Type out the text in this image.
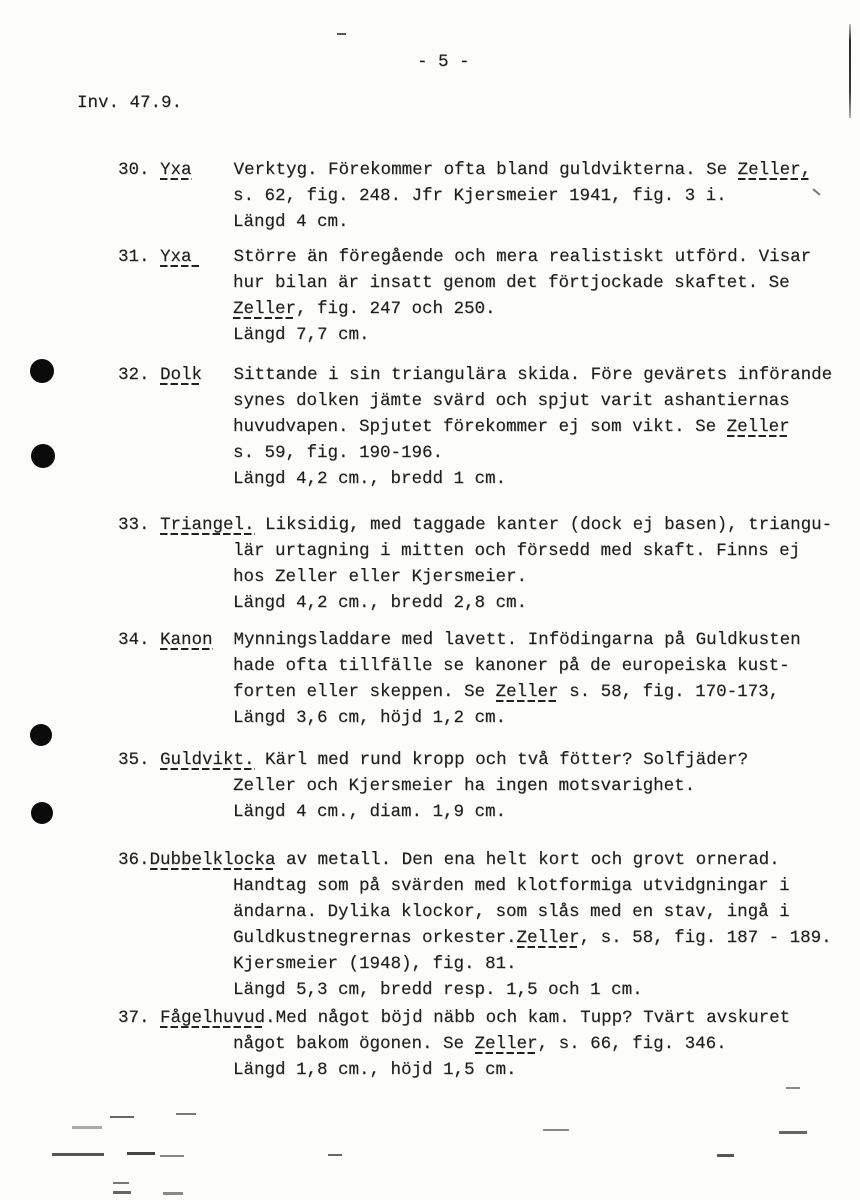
- 5 -
Inv. 47.9.
30. Yxa    Verktyg. Förekommer ofta bland guldvikterna. Se Zeller,
s. 62, fig. 248. Jfr Kjersmeier 1941, fig. 3 i.
Längd 4 cm.
31. Yxa    Större än föregående och mera realistiskt utförd. Visar
hur bilan är insatt genom det förtjockade skaftet. Se
Zeller, fig. 247 och 250.
Längd 7,7 cm.
32. Dolk   Sittande i sin triangulära skida. Före gevärets införande
synes dolken jämte svärd och spjut varit ashantiernas
huvudvapen. Spjutet förekommer ej som vikt. Se Zeller
s. 59, fig. 190-196.
Längd 4,2 cm., bredd 1 cm.
33. Triangel. Liksidig, med taggade kanter (dock ej basen), triangu-
lär urtagning i mitten och försedd med skaft. Finns ej
hos Zeller eller Kjersmeier.
Längd 4,2 cm., bredd 2,8 cm.
34. Kanon  Mynningsladdare med lavett. Infödingarna på Guldkusten
hade ofta tillfälle se kanoner på de europeiska kust-
forten eller skeppen. Se Zeller s. 58, fig. 170-173,
Längd 3,6 cm, höjd 1,2 cm.
35. Guldvikt. Kärl med rund kropp och två fötter? Solfjäder?
Zeller och Kjersmeier ha ingen motsvarighet.
Längd 4 cm., diam. 1,9 cm.
36.Dubbelklocka av metall. Den ena helt kort och grovt ornerad.
Handtag som på svärden med klotformiga utvidgningar i
ändarna. Dylika klockor, som slås med en stav, ingå i
Guldkustnegrernas orkester.Zeller, s. 58, fig. 187 - 189.
Kjersmeier (1948), fig. 81.
Längd 5,3 cm, bredd resp. 1,5 och 1 cm.
37. Fågelhuvud.Med något böjd näbb och kam. Tupp? Tvärt avskuret
något bakom ögonen. Se Zeller, s. 66, fig. 346.
Längd 1,8 cm., höjd 1,5 cm.
